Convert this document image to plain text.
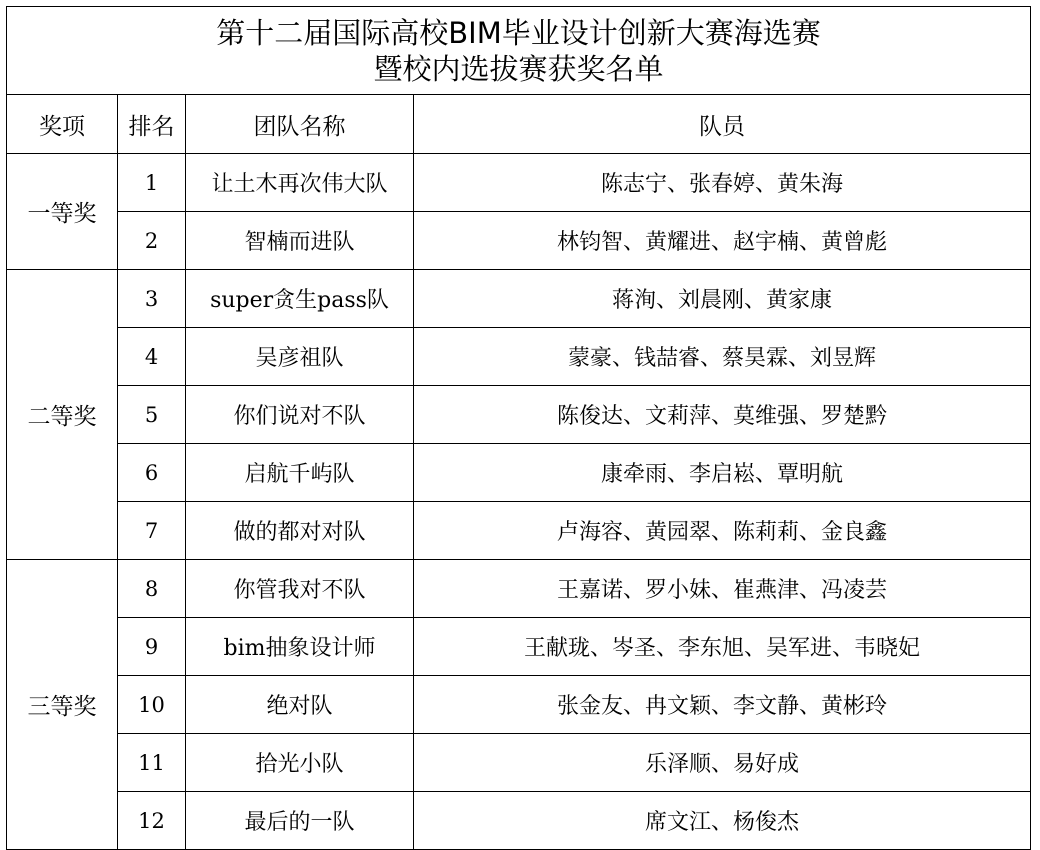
第十二届国际高校BIM毕业设计创新大赛海选赛
暨校内选拔赛获奖名单			

奖项	排名	团队名称	队员
一等奖	1	让土木再次伟大队	陈志宁、张春婷、黄朱海
	2	智楠而进队	林钧智、黄耀进、赵宇楠、黄曾彪
二等奖	3	super贪生pass队	蒋洵、刘晨刚、黄家康
	4	吴彦祖队	蒙豪、钱喆睿、蔡昊霖、刘昱辉
	5	你们说对不队	陈俊达、文莉萍、莫维强、罗楚黔
	6	启航千屿队	康牵雨、李启崧、覃明航
	7	做的都对对队	卢海容、黄园翠、陈莉莉、金良鑫
三等奖	8	你管我对不队	王嘉诺、罗小妹、崔燕津、冯凌芸
	9	bim抽象设计师	王献珑、岑圣、李东旭、吴军进、韦晓妃
	10	绝对队	张金友、冉文颖、李文静、黄彬玲
	11	拾光小队	乐泽顺、易好成
	12	最后的一队	席文江、杨俊杰
